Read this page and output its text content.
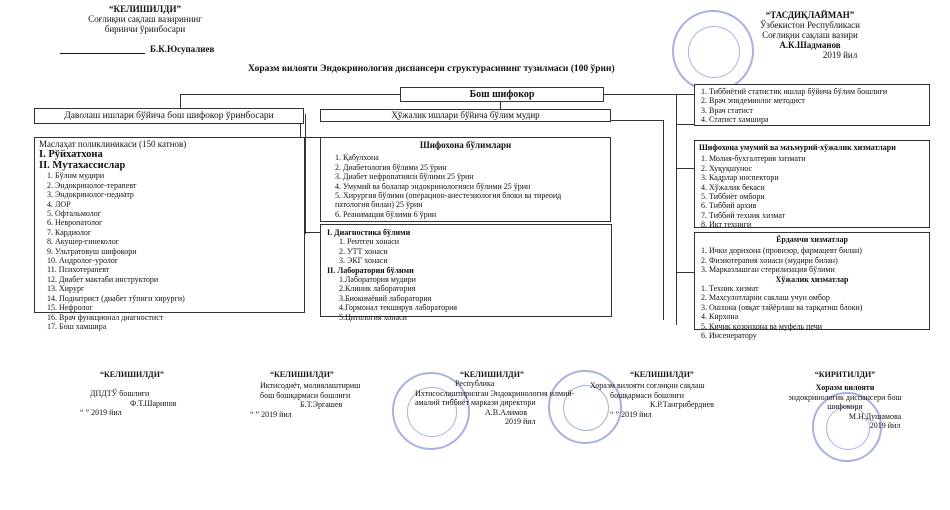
“КЕЛИШИЛДИ”
Соғлиқни сақлаш вазирининг
биринчи ўринбосари
Б.К.Юсупалиев
“ТАСДИҚЛАЙМАН”
Ўзбекистон Республикаси
Соғлиқни сақлаш вазири
А.К.Шадманов
2019 йил
Хоразм вилояти Эндокринология диспансери структурасининг тузилмаси (100 ўрин)
Бош шифокор
Даволаш ишлари бўйича бош шифокор ўринбосари	Ҳўжалик ишлари бўйича бўлим мудир
Маслаҳат поликлиникаси (150 катнов)
I. Рўйхатхона
II. Мутахассислар
1. Бўлим мудири
2. Эндокринолог-терапевт
3. Эндокринолог-педиатр
4. ЛОР
5. Офтальмолог
6. Невропатолог
7. Кардиолог
8. Акушер-гинеколог
9. Ультратовуш шифокори
10. Андролог-уролог
11. Психотерапевт
12. Диабет мактаби инструктори
13. Хирург
14. Подиатрист (диабет тўпиғи хирурги)
15. Нефролог
16. Врач функционал диагностист
17. Бош хамшира
Шифохона бўлимлари
1. Қабулхона
2. Диабетология бўлими 25 ўрин
3. Диабет нефропатияси бўлими 25 ўрин
4. Умумий ва болалар эндокринологияси бўлими 25 ўрин
5. Хирургия бўлими (операцион-анестезиология блоки ва тиреоид
патология билан) 25 ўрин
6. Реанимация бўлими 6 ўрин
I. Диагностика бўлими
1. Рентген хонаси
2. УТТ хонаси
3. ЭКГ хонаси
II. Лаборатория бўлими
1.Лаборатория мудири
2.Клиник лаборатория
3.Биокимёвий лаборатория
4.Гормонал текширув лаборатория
5.Цитология хонаси
1. Тиббиётий статистик ишлар бўйича бўлим бошлиғи
2. Врач эпидемиолог методист
3. Врач статист
4. Статист хамшира
Шифохона умумий ва маъмурий-хўжалик хизматлари
1. Молия-бухгалтерия хизмати
2. Хуқуқшунос
3. Кадрлар инспектори
4. Хўжалик бекаси
5. Тиббиёт омбори
6. Тиббий архив
7. Тиббий техник хизмат
8. Икт техниги
Ёрдамчи хизматлар
1. Ички дорихона (провизор, фармацевт билан)
2. Физиотерапия хонаси (мудири билан)
3. Марказлашган стерилизация бўлими
Хўжалик хизматлар
1. Техник хизмат
2. Махсулотларни саклаш учун омбор
3. Ошхона (овқат тайёрлаш ва тарқатиш блоки)
4. Кирхона
5. Кичик қозонхона ва муфель печи
6. Инсенератору
“КЕЛИШИЛДИ”
ДПДТЎ бошлиғи
Ф.Т.Шарипов
“ ” 2019 йил
“КЕЛИШИЛДИ”
Иктисодиёт, молиялаштириш
бош бошқармаси бошлиғи
Б.Т.Эргашев
“ ” 2019 йил
“КЕЛИШИЛДИ”
Республика
Ихтисослаштирилган Эндокринология илмий-амалий тиббиёт маркази директори
А.В.Алимов
2019 йил
“КЕЛИШИЛДИ”
Хоразм вилояти соғлиқни сақлаш
бошқармаси бошлиғи
К.Р.Тангрибердиев
“ ” 2019 йил
“КИРИТИЛДИ”
Хоразм вилояти
эндокринологик диспансери бош шифокори
М.Н.Душамова
2019 йил
